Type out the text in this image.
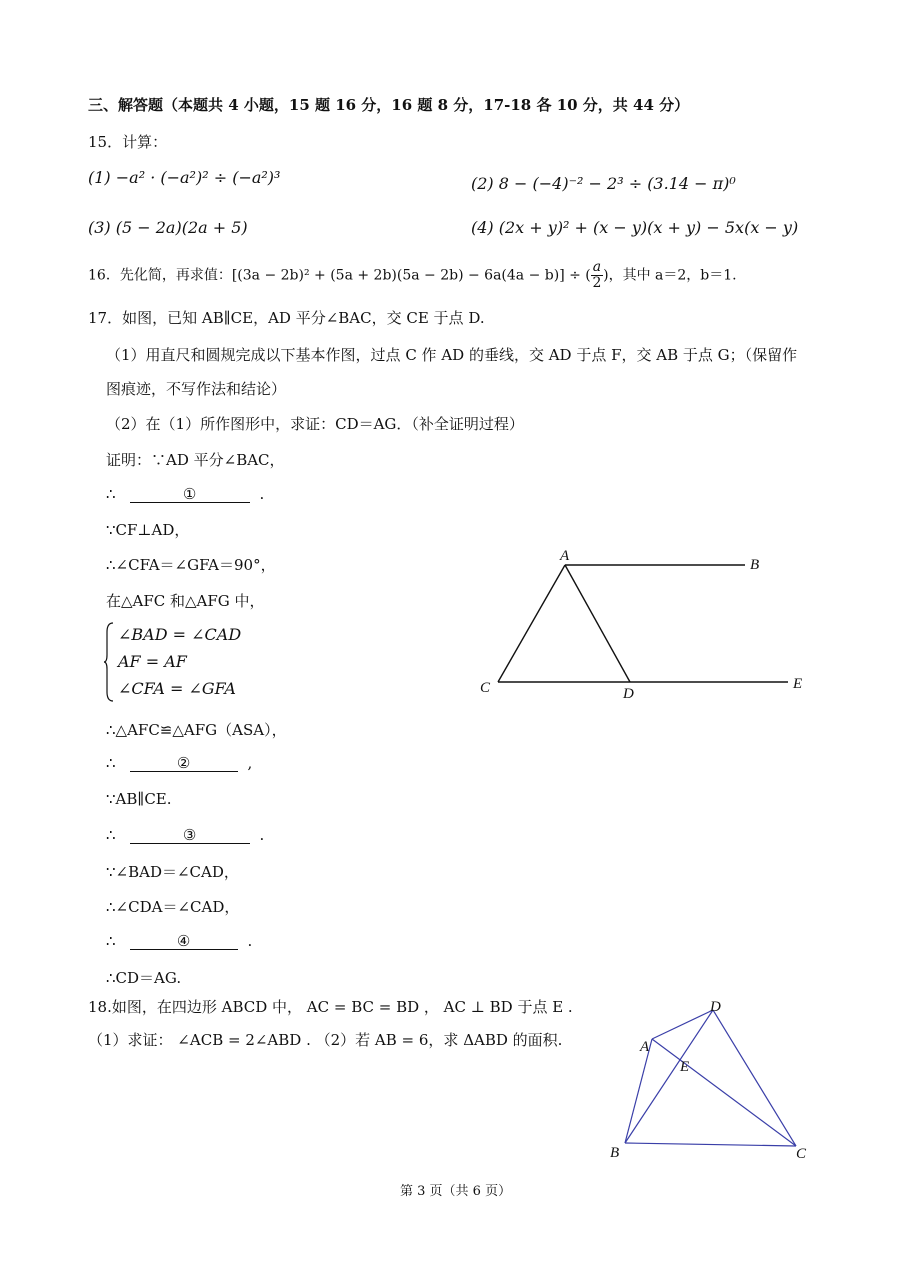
三、解答题（本题共 4 小题，15 题 16 分，16 题 8 分，17-18 各 10 分，共 44 分）
15．计算：
(1) −a² · (−a²)² ÷ (−a²)³	(2) 8 − (−4)⁻² − 2³ ÷ (3.14 − π)⁰
(3) (5 − 2a)(2a + 5)	(4) (2x + y)² + (x − y)(x + y) − 5x(x − y)
16．先化简，再求值：[(3a − 2b)² + (5a + 2b)(5a − 2b) − 6a(4a − b)] ÷ ( $\frac{a}{2}$ )，其中 a＝2，b＝1.
17．如图，已知 AB∥CE，AD 平分∠BAC，交 CE 于点 D.
（1）用直尺和圆规完成以下基本作图，过点 C 作 AD 的垂线，交 AD 于点 F，交 AB 于点 G；（保留作
图痕迹，不写作法和结论）
（2）在（1）所作图形中，求证：CD＝AG．（补全证明过程）
证明：∵AD 平分∠BAC，
∴	①	.
∵CF⊥AD，
∴∠CFA＝∠GFA＝90°，
在△AFC 和△AFG 中，
∠BAD = ∠CAD
AF = AF
∠CFA = ∠GFA
∴△AFC≌△AFG（ASA），
∴	②	,
∵AB∥CE.
∴	③	.
∵∠BAD＝∠CAD，
∴∠CDA＝∠CAD，
∴	④	.
∴CD＝AG.
A
B
C	D
E
18.如图，在四边形 ABCD 中， AC = BC = BD ， AC ⊥ BD 于点 E .
（1）求证： ∠ACB = 2∠ABD . （2）若 AB = 6，求 ΔABD 的面积.
D
A
E
B	C
第 3 页（共 6 页）
